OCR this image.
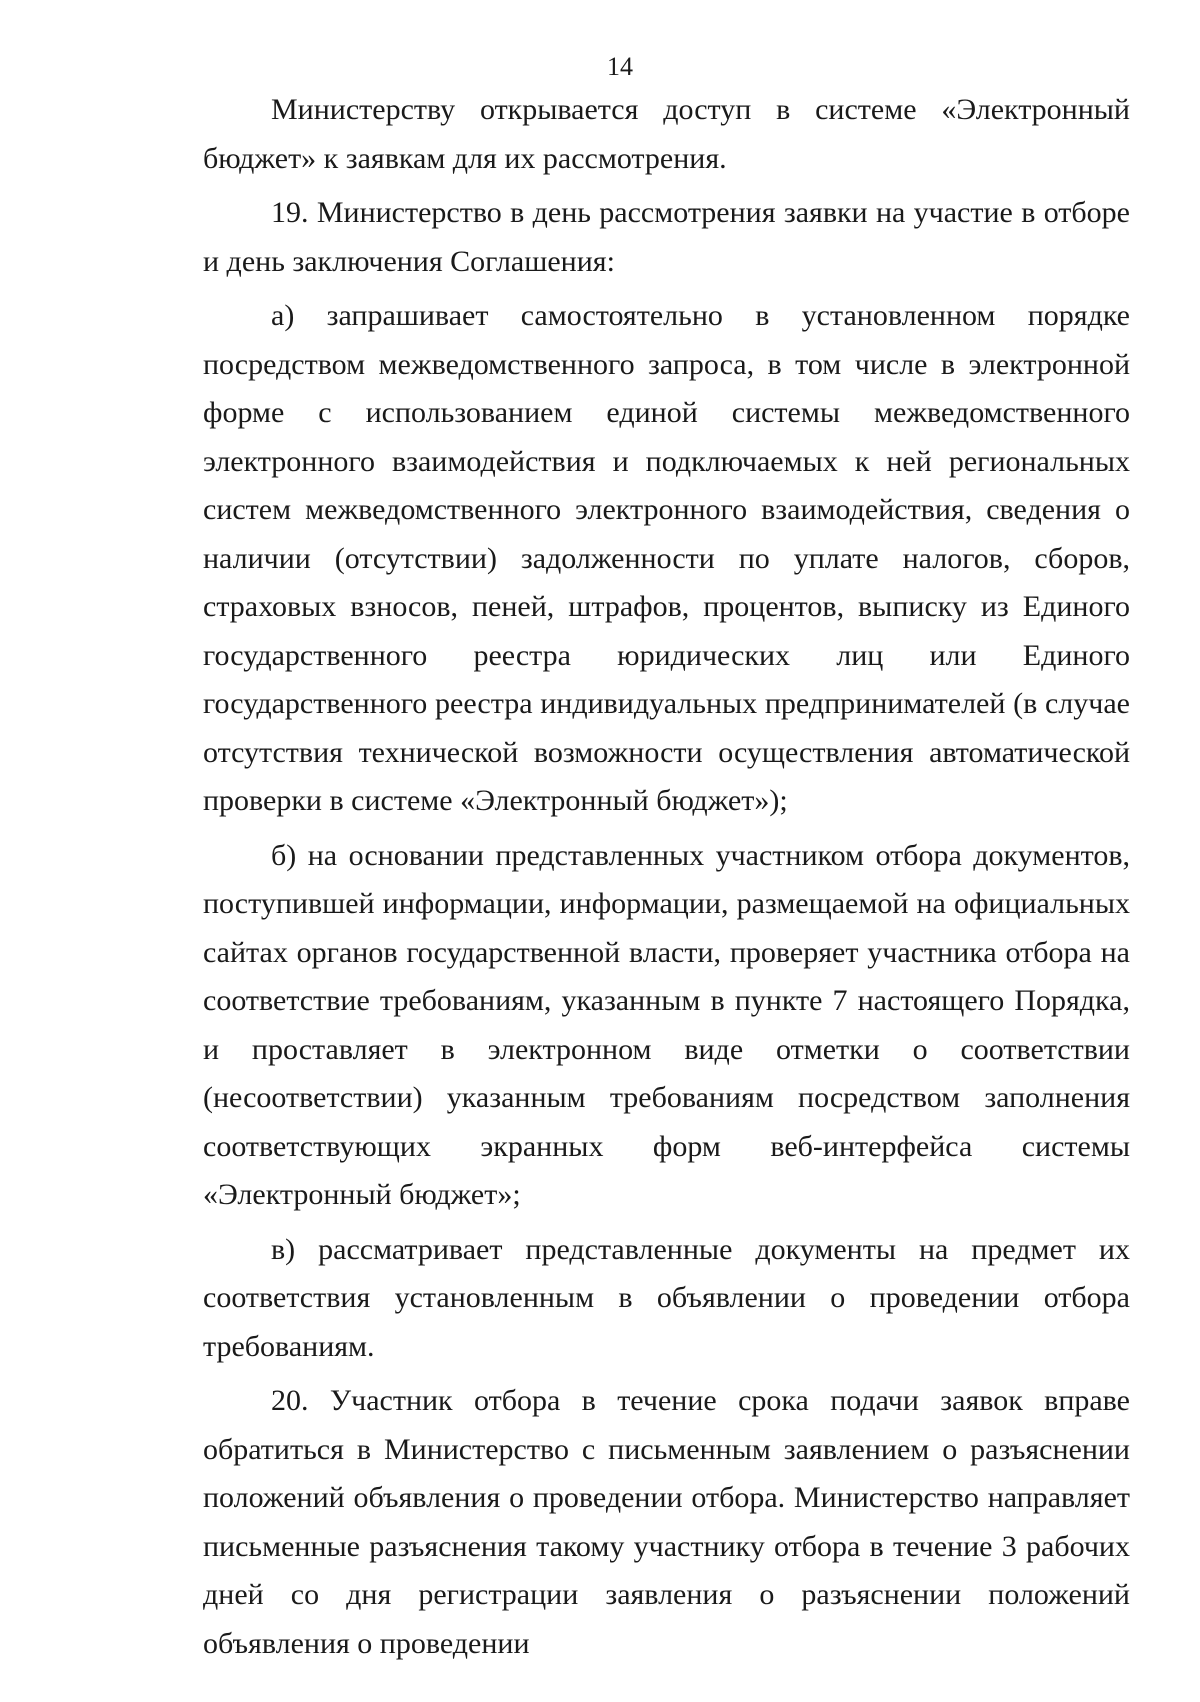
14

Министерству открывается доступ в системе «Электронный бюджет» к заявкам для их рассмотрения.

19. Министерство в день рассмотрения заявки на участие в отборе и день заключения Соглашения:

а) запрашивает самостоятельно в установленном порядке посредством межведомственного запроса, в том числе в электронной форме с использованием единой системы межведомственного электронного взаимодействия и подключаемых к ней региональных систем межведомственного электронного взаимодействия, сведения о наличии (отсутствии) задолженности по уплате налогов, сборов, страховых взносов, пеней, штрафов, процентов, выписку из Единого государственного реестра юридических лиц или Единого государственного реестра индивидуальных предпринимателей (в случае отсутствия технической возможности осуществления автоматической проверки в системе «Электронный бюджет»);

б) на основании представленных участником отбора документов, поступившей информации, информации, размещаемой на официальных сайтах органов государственной власти, проверяет участника отбора на соответствие требованиям, указанным в пункте 7 настоящего Порядка, и проставляет в электронном виде отметки о соответствии (несоответствии) указанным требованиям посредством заполнения соответствующих экранных форм веб-интерфейса системы «Электронный бюджет»;

в) рассматривает представленные документы на предмет их соответствия установленным в объявлении о проведении отбора требованиям.

20. Участник отбора в течение срока подачи заявок вправе обратиться в Министерство с письменным заявлением о разъяснении положений объявления о проведении отбора. Министерство направляет письменные разъяснения такому участнику отбора в течение 3 рабочих дней со дня регистрации заявления о разъяснении положений объявления о проведении
